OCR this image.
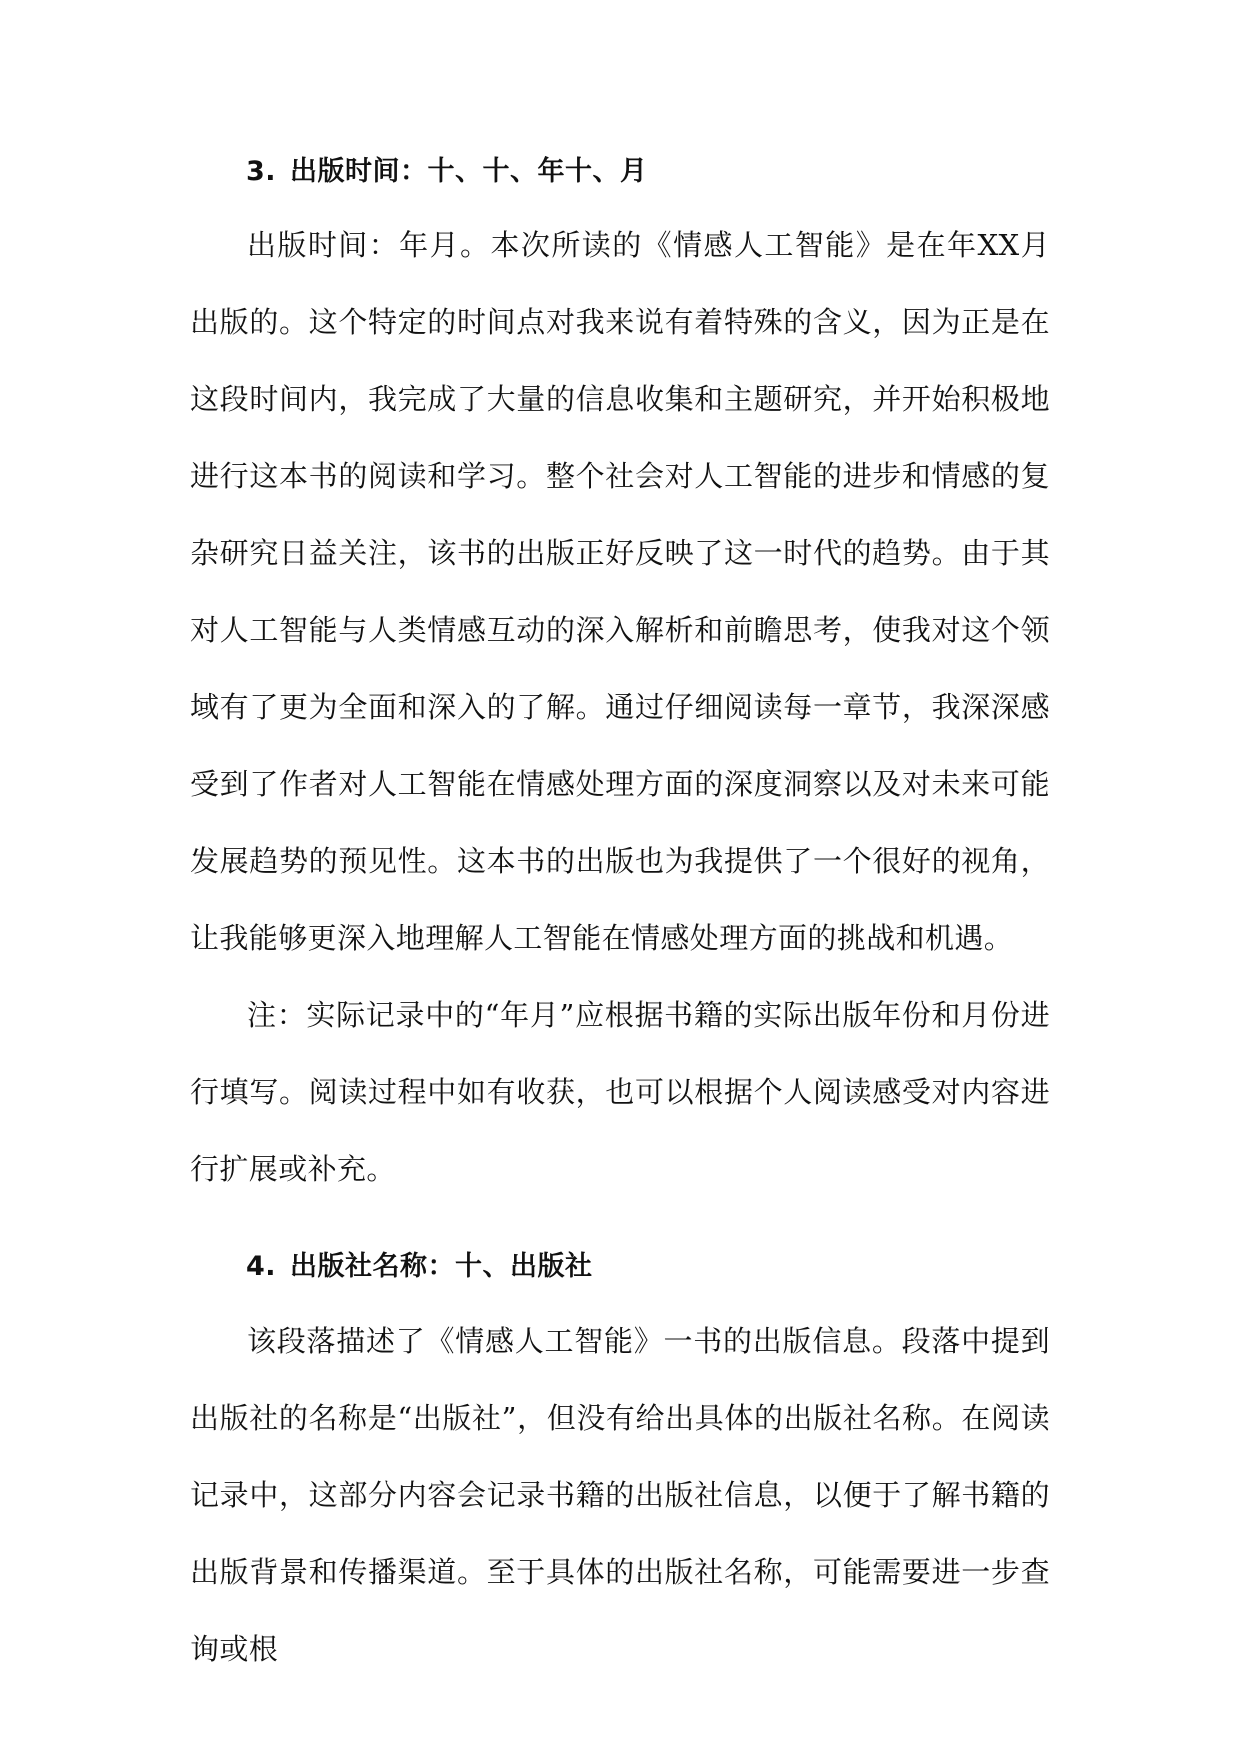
3. 出版时间：十、十、年十、月

出版时间：年月。本次所读的《情感人工智能》是在年XX月出版的。这个特定的时间点对我来说有着特殊的含义，因为正是在这段时间内，我完成了大量的信息收集和主题研究，并开始积极地进行这本书的阅读和学习。整个社会对人工智能的进步和情感的复杂研究日益关注，该书的出版正好反映了这一时代的趋势。由于其对人工智能与人类情感互动的深入解析和前瞻思考，使我对这个领域有了更为全面和深入的了解。通过仔细阅读每一章节，我深深感受到了作者对人工智能在情感处理方面的深度洞察以及对未来可能发展趋势的预见性。这本书的出版也为我提供了一个很好的视角，让我能够更深入地理解人工智能在情感处理方面的挑战和机遇。

注：实际记录中的“年月”应根据书籍的实际出版年份和月份进行填写。阅读过程中如有收获，也可以根据个人阅读感受对内容进行扩展或补充。

4. 出版社名称：十、出版社

该段落描述了《情感人工智能》一书的出版信息。段落中提到出版社的名称是“出版社”，但没有给出具体的出版社名称。在阅读记录中，这部分内容会记录书籍的出版社信息，以便于了解书籍的出版背景和传播渠道。至于具体的出版社名称，可能需要进一步查询或根
